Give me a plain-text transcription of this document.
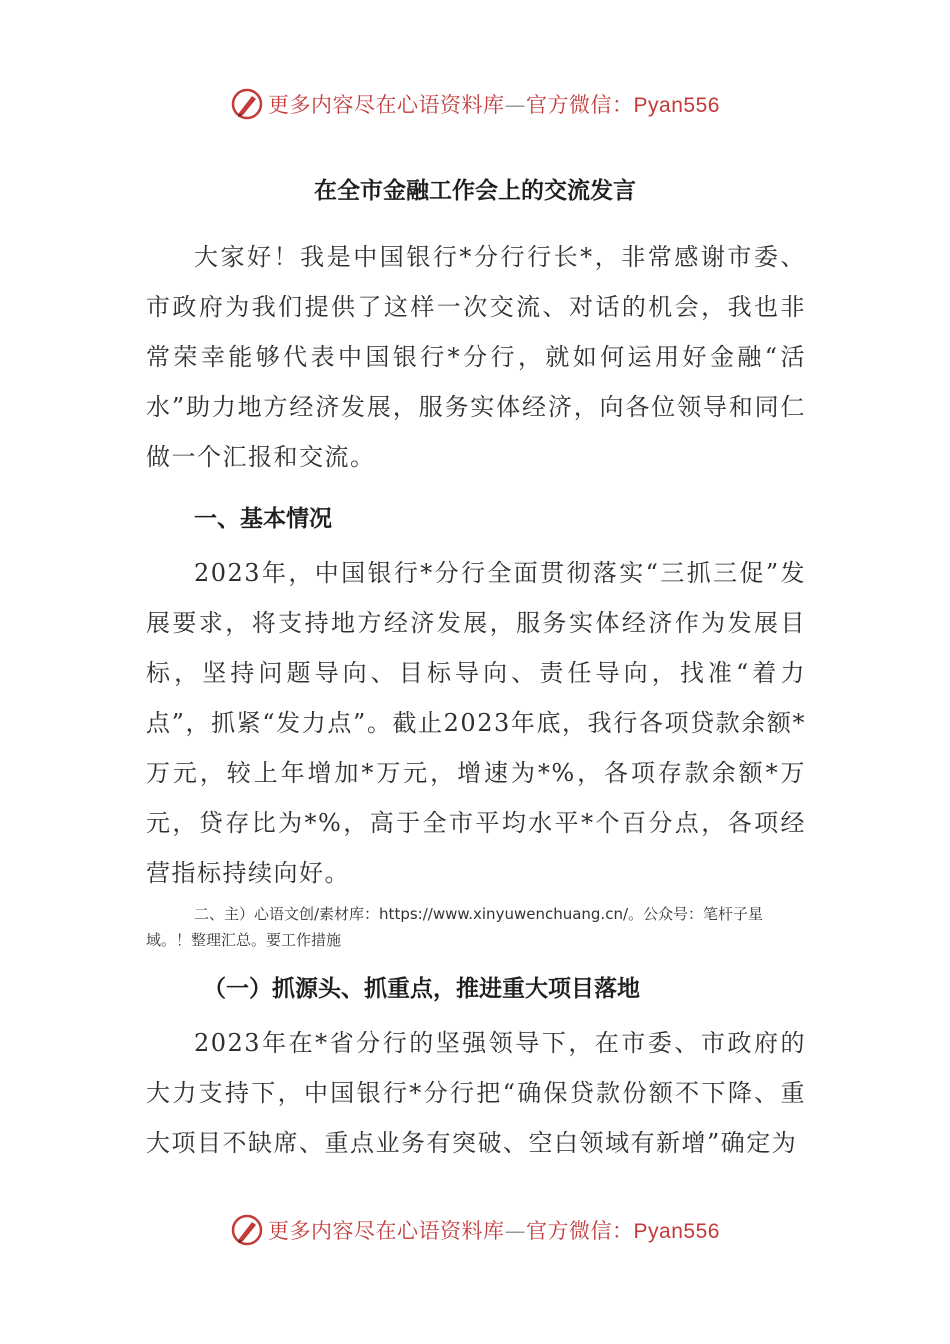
更多内容尽在心语资料库—官方微信：Pyan556
在全市金融工作会上的交流发言

大家好！我是中国银行*分行行长*，非常感谢市委、市政府为我们提供了这样一次交流、对话的机会，我也非常荣幸能够代表中国银行*分行，就如何运用好金融“活水”助力地方经济发展，服务实体经济，向各位领导和同仁做一个汇报和交流。

一、基本情况

2023年，中国银行*分行全面贯彻落实“三抓三促”发展要求，将支持地方经济发展，服务实体经济作为发展目标，坚持问题导向、目标导向、责任导向，找准“着力点”，抓紧“发力点”。截止2023年底，我行各项贷款余额*万元，较上年增加*万元，增速为*%，各项存款余额*万元，贷存比为*%，高于全市平均水平*个百分点，各项经营指标持续向好。

二、主）心语文创/素材库：https://www.xinyuwenchuang.cn/。公众号：笔杆子星域。！整理汇总。要工作措施

（一）抓源头、抓重点，推进重大项目落地

2023年在*省分行的坚强领导下，在市委、市政府的大力支持下，中国银行*分行把“确保贷款份额不下降、重大项目不缺席、重点业务有突破、空白领域有新增”确定为

更多内容尽在心语资料库—官方微信：Pyan556
